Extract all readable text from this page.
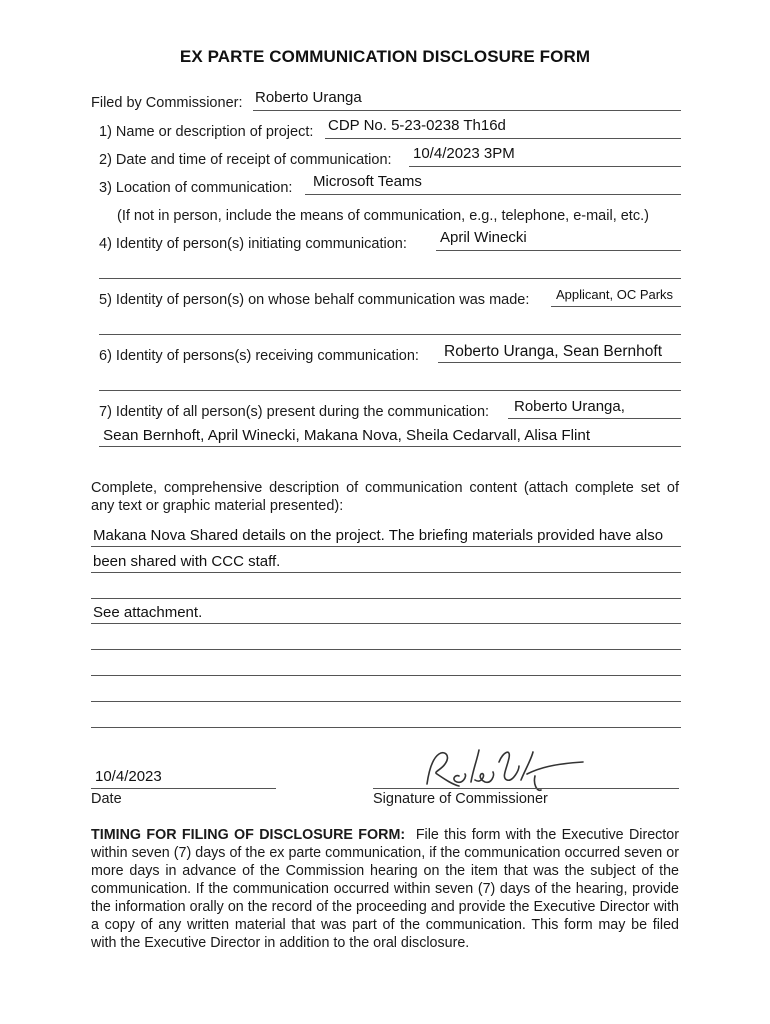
EX PARTE COMMUNICATION DISCLOSURE FORM
Filed by Commissioner: Roberto Uranga
1) Name or description of project: CDP No. 5-23-0238 Th16d
2) Date and time of receipt of communication: 10/4/2023 3PM
3) Location of communication: Microsoft Teams
(If not in person, include the means of communication, e.g., telephone, e-mail, etc.)
4) Identity of person(s) initiating communication: April Winecki
5) Identity of person(s) on whose behalf communication was made: Applicant, OC Parks
6) Identity of persons(s) receiving communication: Roberto Uranga, Sean Bernhoft
7) Identity of all person(s) present during the communication: Roberto Uranga,
Sean Bernhoft, April Winecki, Makana Nova, Sheila Cedarvall, Alisa Flint
Complete, comprehensive description of communication content (attach complete set of any text or graphic material presented):
Makana Nova Shared details on the project. The briefing materials provided have also
been shared with CCC staff.
See attachment.
10/4/2023
Date	Signature of Commissioner
TIMING FOR FILING OF DISCLOSURE FORM: File this form with the Executive Director within seven (7) days of the ex parte communication, if the communication occurred seven or more days in advance of the Commission hearing on the item that was the subject of the communication. If the communication occurred within seven (7) days of the hearing, provide the information orally on the record of the proceeding and provide the Executive Director with a copy of any written material that was part of the communication. This form may be filed with the Executive Director in addition to the oral disclosure.
